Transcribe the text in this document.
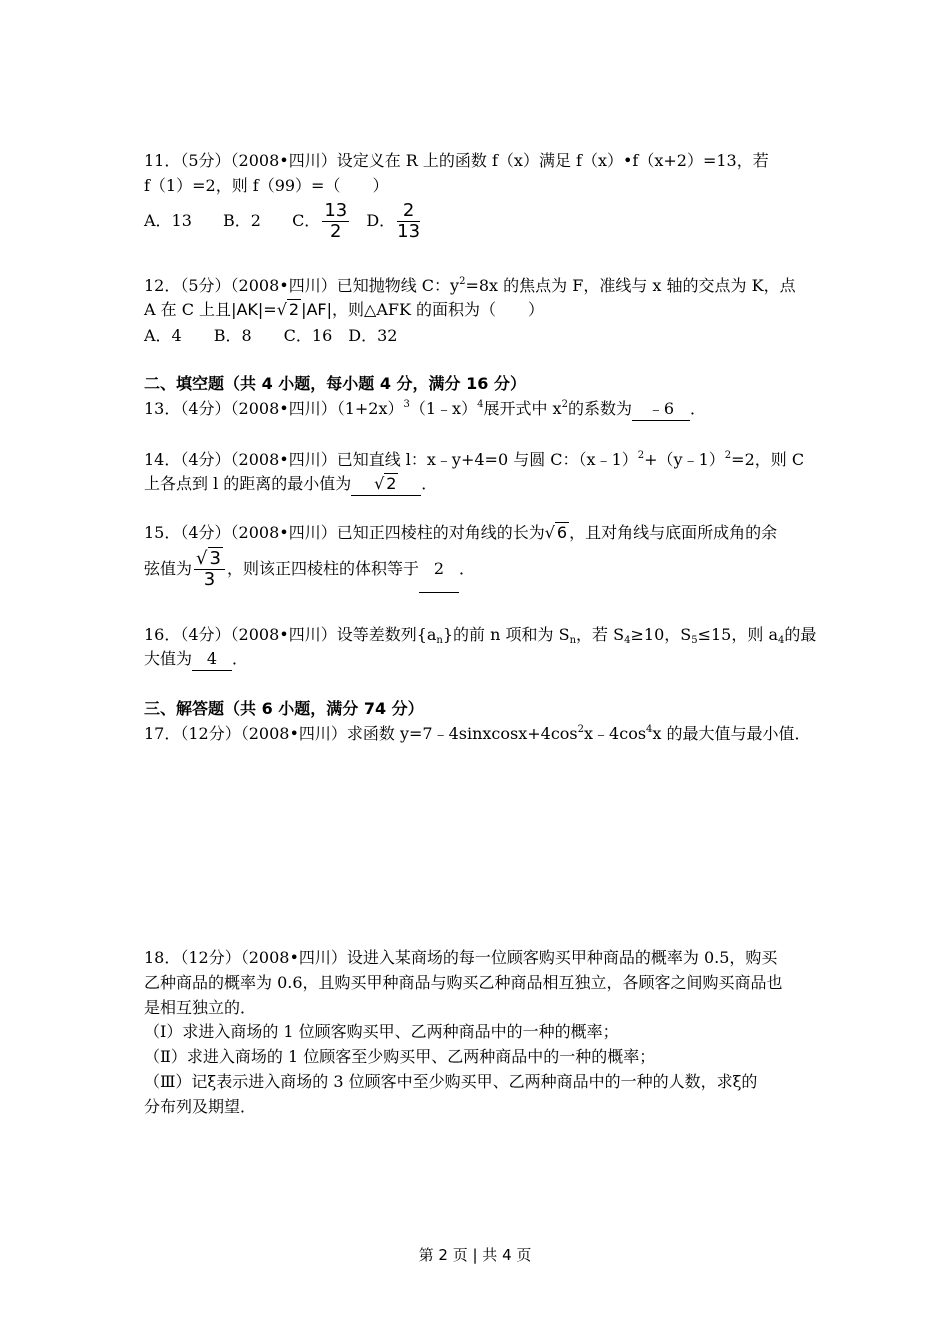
11．（5分）（2008•四川）设定义在 R 上的函数 f（x）满足 f（x）•f（x+2）=13，若
f（1）=2，则 f（99）=（　　）
A．13 B．2 C． $\frac{13}{2}$ D． $\frac{2}{13}$
12．（5分）（2008•四川）已知抛物线 C：$y^2=8x$ 的焦点为 F，准线与 x 轴的交点为 K，点
A 在 C 上且|AK|=√ 2 |AF|，则△AFK 的面积为（　　）
A．4　　B．8　　C．16　D．32
二、填空题（共 4 小题，每小题 4 分，满分 16 分）
13．（4分）（2008•四川）$(1+2x)^3(1﹣x)^4$展开式中 $x^2$的系数为 ﹣6 ．
14．（4分）（2008•四川）已知直线 l：x﹣y+4=0 与圆 C：（x﹣1）$^2$+（y﹣1）$^2$=2，则 C
上各点到 l 的距离的最小值为 √ 2 ．
15．（4分）（2008•四川）已知正四棱柱的对角线的长为√ 6 ，且对角线与底面所成角的余
弦值为 $\frac{√ 3}{3}$ ，则该正四棱柱的体积等于 2 ．
16．（4分）（2008•四川）设等差数列$\{a_n\}$的前 n 项和为 $S_n$，若 $S_4\ge 10$，$S_5\le 15$，则 $a_4$的最
大值为 4 ．
三、解答题（共 6 小题，满分 74 分）
17．（12分）（2008•四川）求函数 $y=7﹣4sinxcosx+4\cos^2x﹣4\cos^4x$ 的最大值与最小值．
18．（12分）（2008•四川）设进入某商场的每一位顾客购买甲种商品的概率为 0.5，购买
乙种商品的概率为 0.6，且购买甲种商品与购买乙种商品相互独立，各顾客之间购买商品也
是相互独立的．
（Ⅰ）求进入商场的 1 位顾客购买甲、乙两种商品中的一种的概率；
（Ⅱ）求进入商场的 1 位顾客至少购买甲、乙两种商品中的一种的概率；
（Ⅲ）记ξ表示进入商场的 3 位顾客中至少购买甲、乙两种商品中的一种的人数，求ξ的
分布列及期望．
第 2 页 | 共 4 页
